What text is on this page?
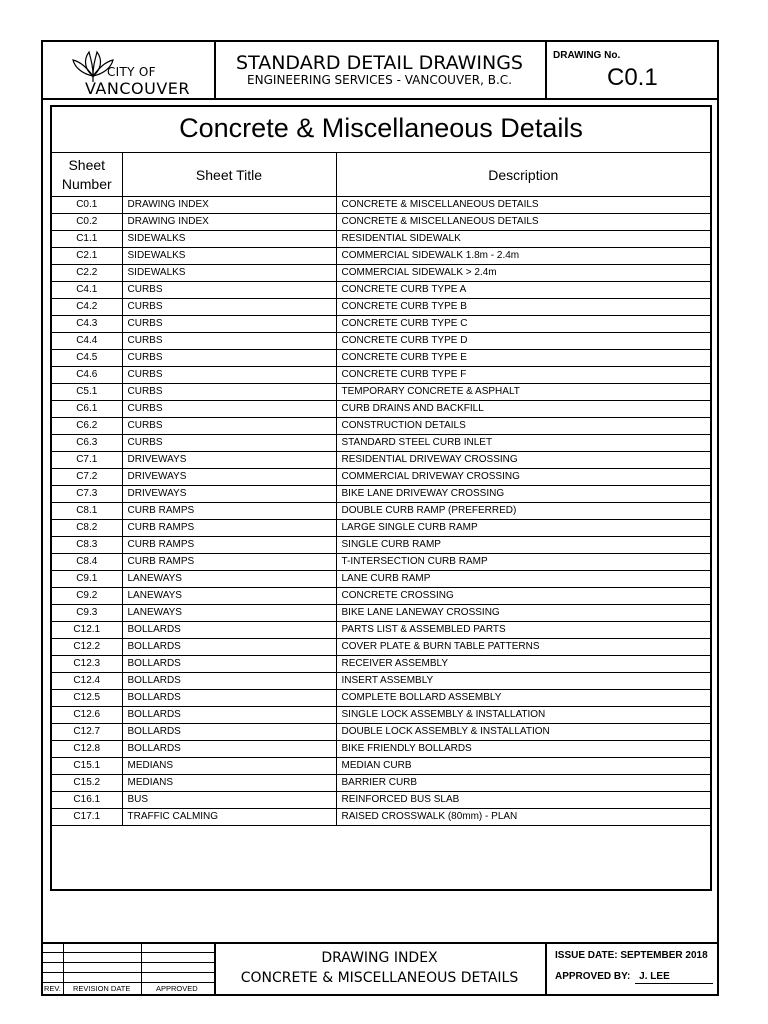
CITY OF
VANCOUVER
STANDARD DETAIL DRAWINGS
ENGINEERING SERVICES - VANCOUVER, B.C.
DRAWING No.
C0.1
Concrete & Miscellaneous Details
Sheet Number	Sheet Title	Description
C0.1	DRAWING INDEX	CONCRETE & MISCELLANEOUS DETAILS
C0.2	DRAWING INDEX	CONCRETE & MISCELLANEOUS DETAILS
C1.1	SIDEWALKS	RESIDENTIAL SIDEWALK
C2.1	SIDEWALKS	COMMERCIAL SIDEWALK 1.8m - 2.4m
C2.2	SIDEWALKS	COMMERCIAL SIDEWALK > 2.4m
C4.1	CURBS	CONCRETE CURB TYPE A
C4.2	CURBS	CONCRETE CURB TYPE B
C4.3	CURBS	CONCRETE CURB TYPE C
C4.4	CURBS	CONCRETE CURB TYPE D
C4.5	CURBS	CONCRETE CURB TYPE E
C4.6	CURBS	CONCRETE CURB TYPE F
C5.1	CURBS	TEMPORARY CONCRETE & ASPHALT
C6.1	CURBS	CURB DRAINS AND BACKFILL
C6.2	CURBS	CONSTRUCTION DETAILS
C6.3	CURBS	STANDARD STEEL CURB INLET
C7.1	DRIVEWAYS	RESIDENTIAL DRIVEWAY CROSSING
C7.2	DRIVEWAYS	COMMERCIAL DRIVEWAY CROSSING
C7.3	DRIVEWAYS	BIKE LANE DRIVEWAY CROSSING
C8.1	CURB RAMPS	DOUBLE CURB RAMP (PREFERRED)
C8.2	CURB RAMPS	LARGE SINGLE CURB RAMP
C8.3	CURB RAMPS	SINGLE CURB RAMP
C8.4	CURB RAMPS	T-INTERSECTION CURB RAMP
C9.1	LANEWAYS	LANE CURB RAMP
C9.2	LANEWAYS	CONCRETE CROSSING
C9.3	LANEWAYS	BIKE LANE LANEWAY CROSSING
C12.1	BOLLARDS	PARTS LIST & ASSEMBLED PARTS
C12.2	BOLLARDS	COVER PLATE & BURN TABLE PATTERNS
C12.3	BOLLARDS	RECEIVER ASSEMBLY
C12.4	BOLLARDS	INSERT ASSEMBLY
C12.5	BOLLARDS	COMPLETE BOLLARD ASSEMBLY
C12.6	BOLLARDS	SINGLE LOCK ASSEMBLY & INSTALLATION
C12.7	BOLLARDS	DOUBLE LOCK ASSEMBLY & INSTALLATION
C12.8	BOLLARDS	BIKE FRIENDLY BOLLARDS
C15.1	MEDIANS	MEDIAN CURB
C15.2	MEDIANS	BARRIER CURB
C16.1	BUS	REINFORCED BUS SLAB
C17.1	TRAFFIC CALMING	RAISED CROSSWALK (80mm) - PLAN
REV. REVISION DATE	APPROVED
DRAWING INDEX
CONCRETE & MISCELLANEOUS DETAILS
ISSUE DATE: SEPTEMBER 2018
APPROVED BY: J. LEE
